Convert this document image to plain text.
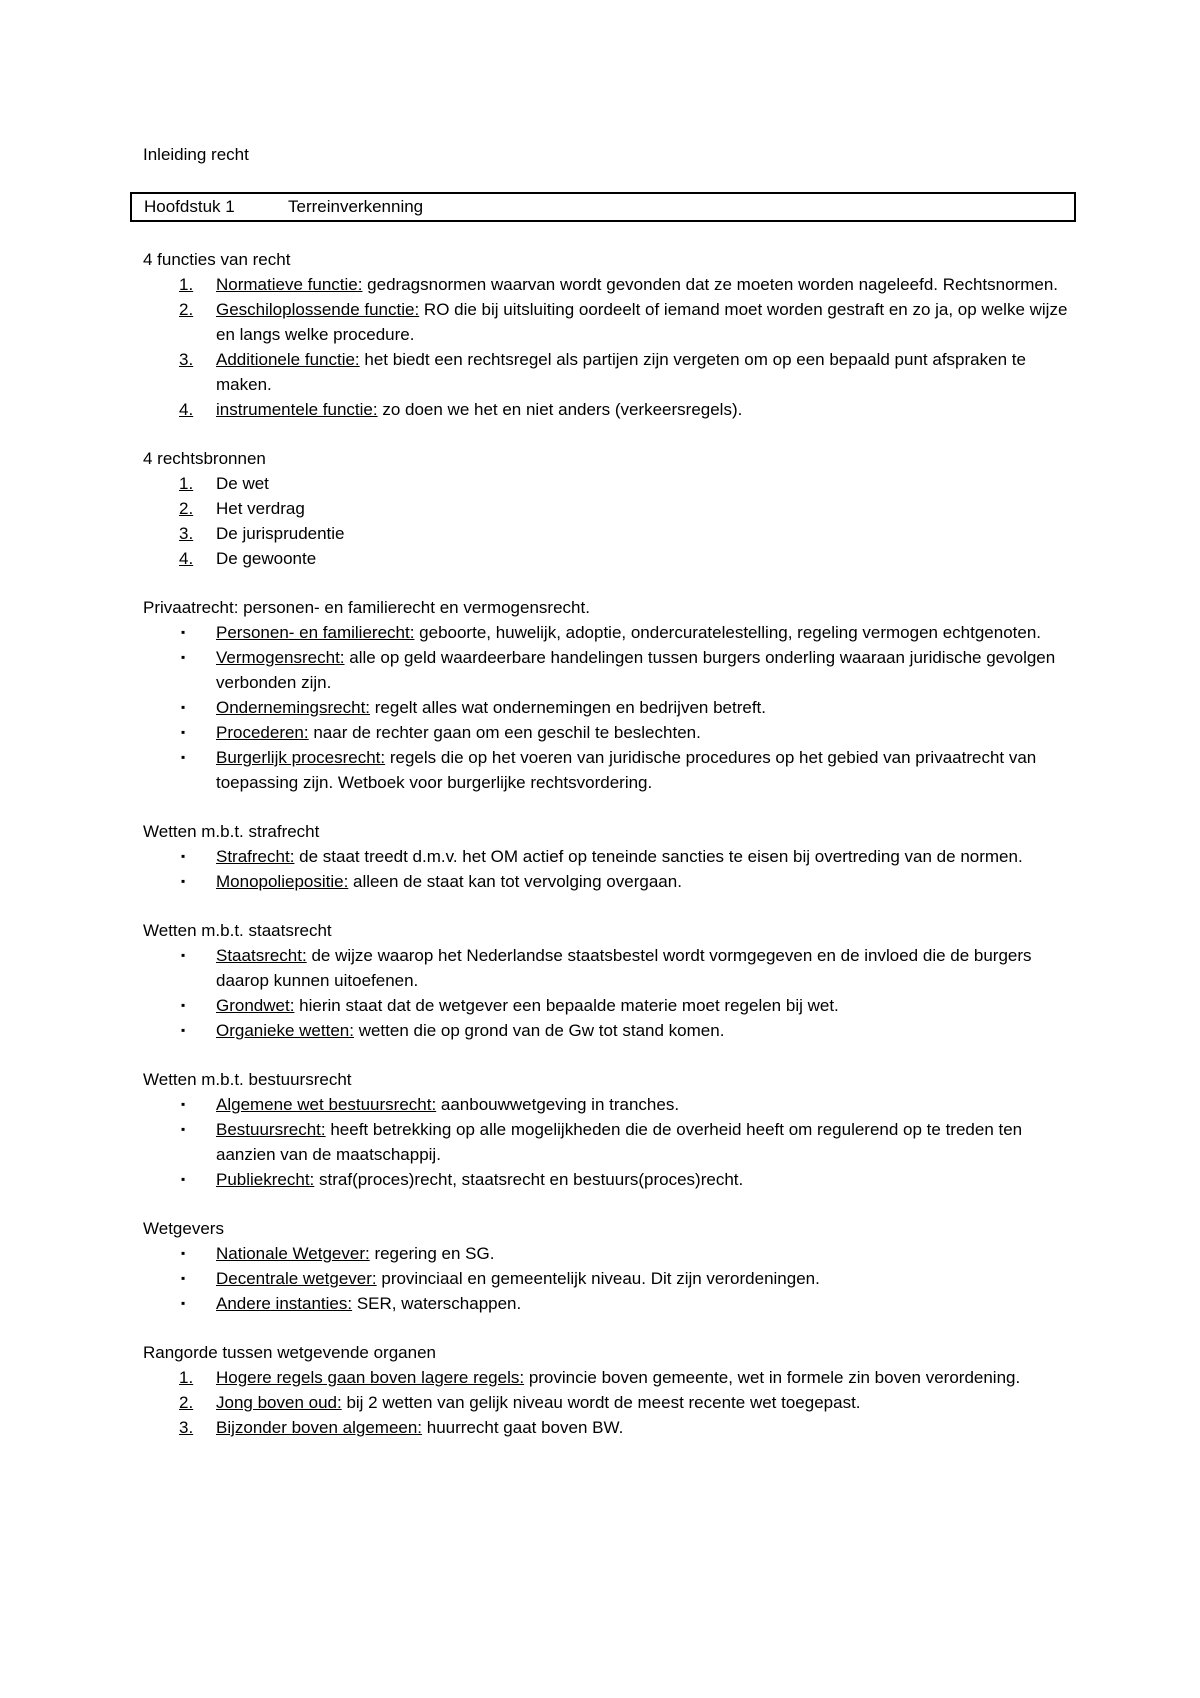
Inleiding recht
Hoofdstuk 1	Terreinverkenning
4 functies van recht
1. Normatieve functie: gedragsnormen waarvan wordt gevonden dat ze moeten worden nageleefd. Rechtsnormen.
2. Geschiloplossende functie: RO die bij uitsluiting oordeelt of iemand moet worden gestraft en zo ja, op welke wijze en langs welke procedure.
3. Additionele functie: het biedt een rechtsregel als partijen zijn vergeten om op een bepaald punt afspraken te maken.
4. instrumentele functie: zo doen we het en niet anders (verkeersregels).
4 rechtsbronnen
1. De wet
2. Het verdrag
3. De jurisprudentie
4. De gewoonte
Privaatrecht: personen- en familierecht en vermogensrecht.
▪ Personen- en familierecht: geboorte, huwelijk, adoptie, ondercuratelestelling, regeling vermogen echtgenoten.
▪ Vermogensrecht: alle op geld waardeerbare handelingen tussen burgers onderling waaraan juridische gevolgen verbonden zijn.
▪ Ondernemingsrecht: regelt alles wat ondernemingen en bedrijven betreft.
▪ Procederen: naar de rechter gaan om een geschil te beslechten.
▪ Burgerlijk procesrecht: regels die op het voeren van juridische procedures op het gebied van privaatrecht van toepassing zijn. Wetboek voor burgerlijke rechtsvordering.
Wetten m.b.t. strafrecht
▪ Strafrecht: de staat treedt d.m.v. het OM actief op teneinde sancties te eisen bij overtreding van de normen.
▪ Monopoliepositie: alleen de staat kan tot vervolging overgaan.
Wetten m.b.t. staatsrecht
▪ Staatsrecht: de wijze waarop het Nederlandse staatsbestel wordt vormgegeven en de invloed die de burgers daarop kunnen uitoefenen.
▪ Grondwet: hierin staat dat de wetgever een bepaalde materie moet regelen bij wet.
▪ Organieke wetten: wetten die op grond van de Gw tot stand komen.
Wetten m.b.t. bestuursrecht
▪ Algemene wet bestuursrecht: aanbouwwetgeving in tranches.
▪ Bestuursrecht: heeft betrekking op alle mogelijkheden die de overheid heeft om regulerend op te treden ten aanzien van de maatschappij.
▪ Publiekrecht: straf(proces)recht, staatsrecht en bestuurs(proces)recht.
Wetgevers
▪ Nationale Wetgever: regering en SG.
▪ Decentrale wetgever: provinciaal en gemeentelijk niveau. Dit zijn verordeningen.
▪ Andere instanties: SER, waterschappen.
Rangorde tussen wetgevende organen
1. Hogere regels gaan boven lagere regels: provincie boven gemeente, wet in formele zin boven verordening.
2. Jong boven oud: bij 2 wetten van gelijk niveau wordt de meest recente wet toegepast.
3. Bijzonder boven algemeen: huurrecht gaat boven BW.
